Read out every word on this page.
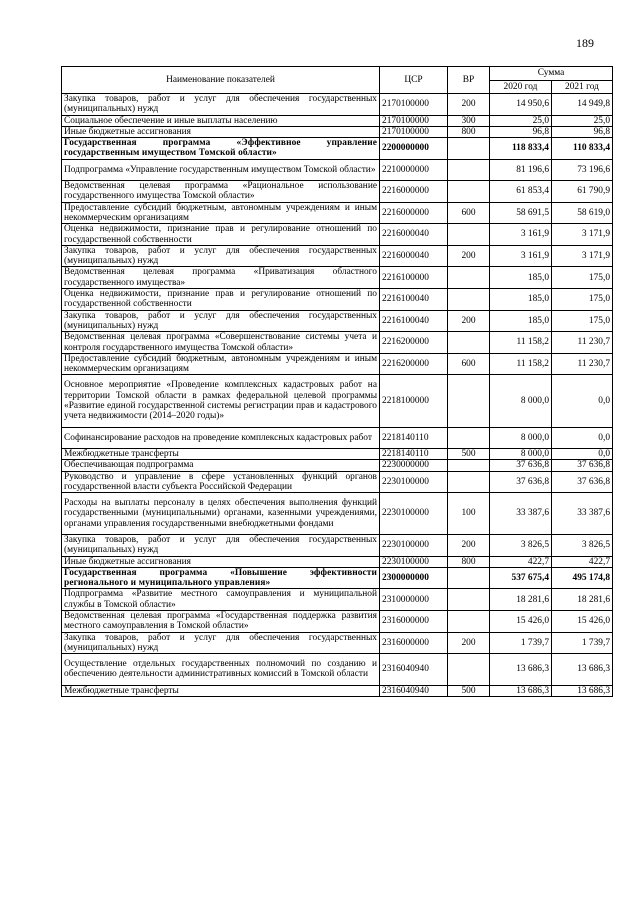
189
Наименование показателей	ЦСР	ВР	Сумма	
			2020 год	2021 год
Закупка товаров, работ и услуг для обеспечения государственных (муниципальных) нужд	2170100000	200	14 950,6	14 949,8
Социальное обеспечение и иные выплаты населению	2170100000	300	25,0	25,0
Иные бюджетные ассигнования	2170100000	800	96,8	96,8
Государственная программа «Эффективное управление государственным имуществом Томской области»	2200000000		118 833,4	110 833,4
Подпрограмма «Управление государственным имуществом Томской области»	2210000000		81 196,6	73 196,6
Ведомственная целевая программа «Рациональное использование государственного имущества Томской области»	2216000000		61 853,4	61 790,9
Предоставление субсидий бюджетным, автономным учреждениям и иным некоммерческим организациям	2216000000	600	58 691,5	58 619,0
Оценка недвижимости, признание прав и регулирование отношений по государственной собственности	2216000040		3 161,9	3 171,9
Закупка товаров, работ и услуг для обеспечения государственных (муниципальных) нужд	2216000040	200	3 161,9	3 171,9
Ведомственная целевая программа «Приватизация областного государственного имущества»	2216100000		185,0	175,0
Оценка недвижимости, признание прав и регулирование отношений по государственной собственности	2216100040		185,0	175,0
Закупка товаров, работ и услуг для обеспечения государственных (муниципальных) нужд	2216100040	200	185,0	175,0
Ведомственная целевая программа «Совершенствование системы учета и контроля государственного имущества Томской области»	2216200000		11 158,2	11 230,7
Предоставление субсидий бюджетным, автономным учреждениям и иным некоммерческим организациям	2216200000	600	11 158,2	11 230,7
Основное мероприятие «Проведение комплексных кадастровых работ на территории Томской области в рамках федеральной целевой программы «Развитие единой государственной системы регистрации прав и кадастрового учета недвижимости (2014–2020 годы)»	2218100000		8 000,0	0,0
Софинансирование расходов на проведение комплексных кадастровых работ	2218140110		8 000,0	0,0
Межбюджетные трансферты	2218140110	500	8 000,0	0,0
Обеспечивающая подпрограмма	2230000000		37 636,8	37 636,8
Руководство и управление в сфере установленных функций органов государственной власти субъекта Российской Федерации	2230100000		37 636,8	37 636,8
Расходы на выплаты персоналу в целях обеспечения выполнения функций государственными (муниципальными) органами, казенными учреждениями, органами управления государственными внебюджетными фондами	2230100000	100	33 387,6	33 387,6
Закупка товаров, работ и услуг для обеспечения государственных (муниципальных) нужд	2230100000	200	3 826,5	3 826,5
Иные бюджетные ассигнования	2230100000	800	422,7	422,7
Государственная программа «Повышение эффективности регионального и муниципального управления»	2300000000		537 675,4	495 174,8
Подпрограмма «Развитие местного самоуправления и муниципальной службы в Томской области»	2310000000		18 281,6	18 281,6
Ведомственная целевая программа «Государственная поддержка развития местного самоуправления в Томской области»	2316000000		15 426,0	15 426,0
Закупка товаров, работ и услуг для обеспечения государственных (муниципальных) нужд	2316000000	200	1 739,7	1 739,7
Осуществление отдельных государственных полномочий по созданию и обеспечению деятельности административных комиссий в Томской области	2316040940		13 686,3	13 686,3
Межбюджетные трансферты	2316040940	500	13 686,3	13 686,3
